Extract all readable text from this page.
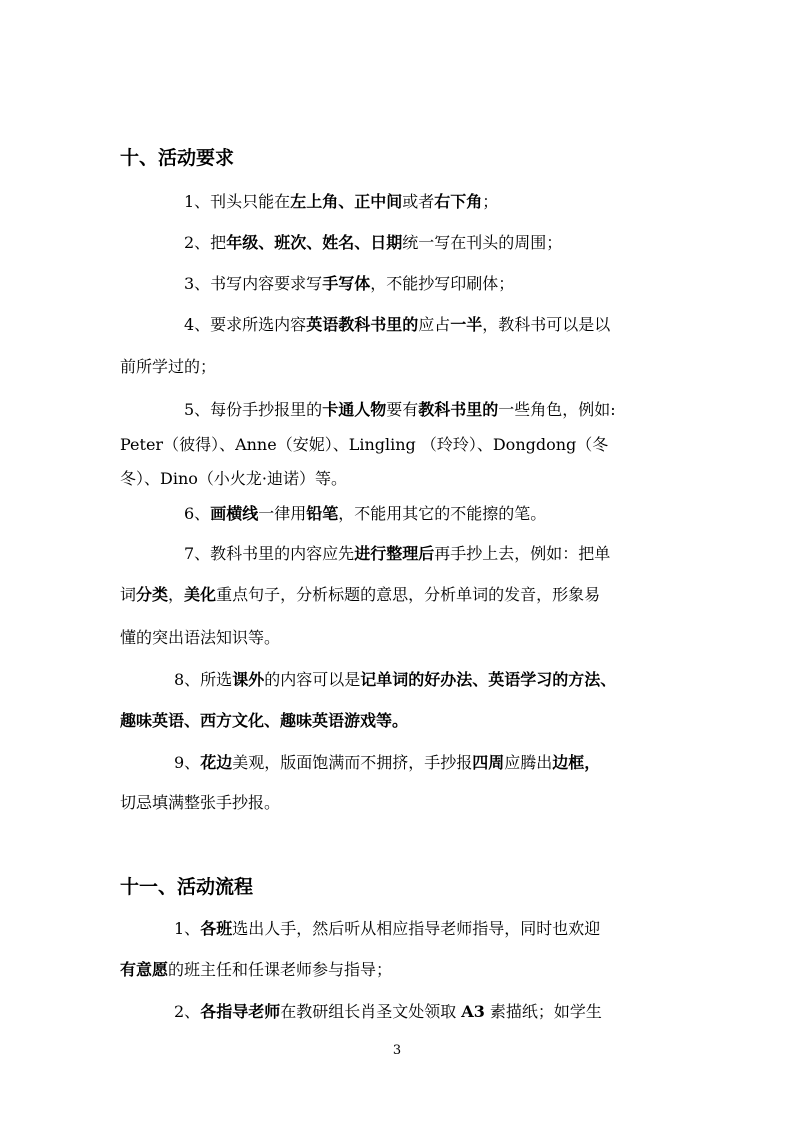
十、活动要求
1、刊头只能在左上角、正中间或者右下角；
2、把年级、班次、姓名、日期统一写在刊头的周围；
3、书写内容要求写手写体，不能抄写印刷体；
4、要求所选内容英语教科书里的应占一半，教科书可以是以
前所学过的；
5、每份手抄报里的卡通人物要有教科书里的一些角色，例如:
Peter（彼得）、Anne（安妮）、Lingling （玲玲）、Dongdong（冬
冬）、Dino（小火龙·迪诺）等。
6、画横线一律用铅笔，不能用其它的不能擦的笔。
7、教科书里的内容应先进行整理后再手抄上去，例如：把单
词分类，美化重点句子，分析标题的意思，分析单词的发音，形象易
懂的突出语法知识等。
8、所选课外的内容可以是记单词的好办法、英语学习的方法、
趣味英语、西方文化、趣味英语游戏等。
9、花边美观，版面饱满而不拥挤，手抄报四周应腾出边框，
切忌填满整张手抄报。
十一、活动流程
1、各班选出人手，然后听从相应指导老师指导，同时也欢迎
有意愿的班主任和任课老师参与指导；
2、各指导老师在教研组长肖圣文处领取 A3 素描纸；如学生
3
